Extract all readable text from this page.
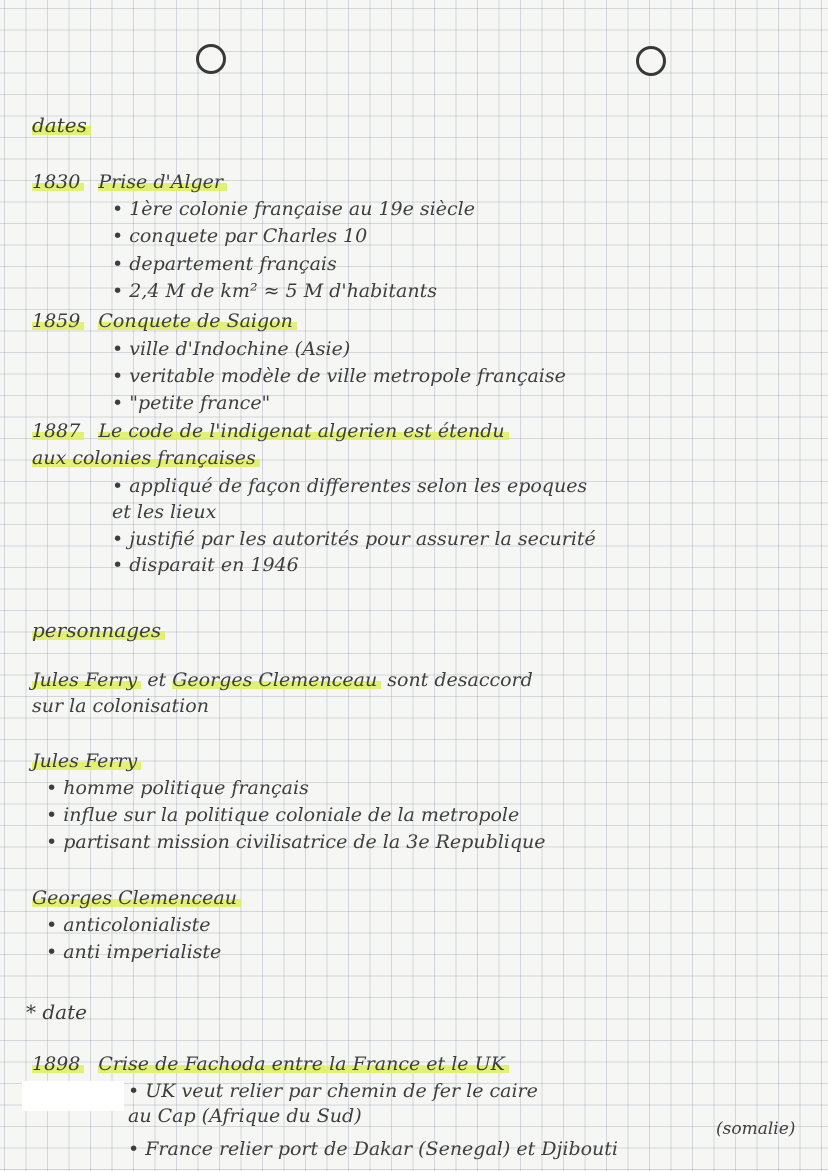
dates
1830 Prise d'Alger
• 1ère colonie française au 19e siècle
• conquete par Charles 10
• departement français
• 2,4 M de km² ≈ 5 M d'habitants
1859 Conquete de Saigon
• ville d'Indochine (Asie)
• veritable modèle de ville metropole française
• "petite france"
1887 Le code de l'indigenat algerien est étendu
aux colonies françaises
• appliqué de façon differentes selon les epoques
et les lieux
• justifié par les autorités pour assurer la securité
• disparait en 1946
personnages
Jules Ferry et Georges Clemenceau sont desaccord
sur la colonisation
Jules Ferry
• homme politique français
• influe sur la politique coloniale de la metropole
• partisant mission civilisatrice de la 3e Republique
Georges Clemenceau
• anticolonialiste
• anti imperialiste
* date
1898 Crise de Fachoda entre la France et le UK
• UK veut relier par chemin de fer le caire
au Cap (Afrique du Sud)
(somalie)
• France relier port de Dakar (Senegal) et Djibouti
